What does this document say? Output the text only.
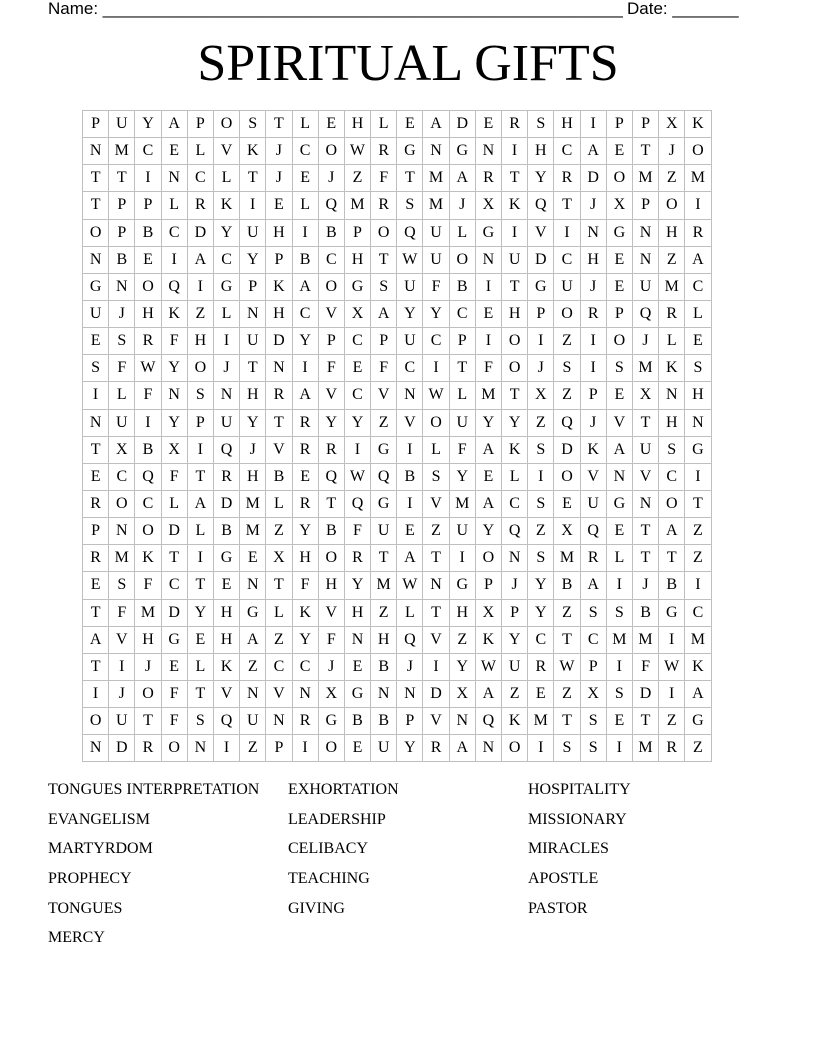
Name: _______________________________________________________ Date: _______
SPIRITUAL GIFTS
P	U	Y	A	P	O	S	T	L	E	H	L	E	A	D	E	R	S	H	I	P	P	X	K
N	M	C	E	L	V	K	J	C	O	W	R	G	N	G	N	I	H	C	A	E	T	J	O
T	T	I	N	C	L	T	J	E	J	Z	F	T	M	A	R	T	Y	R	D	O	M	Z	M
T	P	P	L	R	K	I	E	L	Q	M	R	S	M	J	X	K	Q	T	J	X	P	O	I
O	P	B	C	D	Y	U	H	I	B	P	O	Q	U	L	G	I	V	I	N	G	N	H	R
N	B	E	I	A	C	Y	P	B	C	H	T	W	U	O	N	U	D	C	H	E	N	Z	A
G	N	O	Q	I	G	P	K	A	O	G	S	U	F	B	I	T	G	U	J	E	U	M	C
U	J	H	K	Z	L	N	H	C	V	X	A	Y	Y	C	E	H	P	O	R	P	Q	R	L
E	S	R	F	H	I	U	D	Y	P	C	P	U	C	P	I	O	I	Z	I	O	J	L	E
S	F	W	Y	O	J	T	N	I	F	E	F	C	I	T	F	O	J	S	I	S	M	K	S
I	L	F	N	S	N	H	R	A	V	C	V	N	W	L	M	T	X	Z	P	E	X	N	H
N	U	I	Y	P	U	Y	T	R	Y	Y	Z	V	O	U	Y	Y	Z	Q	J	V	T	H	N
T	X	B	X	I	Q	J	V	R	R	I	G	I	L	F	A	K	S	D	K	A	U	S	G
E	C	Q	F	T	R	H	B	E	Q	W	Q	B	S	Y	E	L	I	O	V	N	V	C	I
R	O	C	L	A	D	M	L	R	T	Q	G	I	V	M	A	C	S	E	U	G	N	O	T
P	N	O	D	L	B	M	Z	Y	B	F	U	E	Z	U	Y	Q	Z	X	Q	E	T	A	Z
R	M	K	T	I	G	E	X	H	O	R	T	A	T	I	O	N	S	M	R	L	T	T	Z
E	S	F	C	T	E	N	T	F	H	Y	M	W	N	G	P	J	Y	B	A	I	J	B	I
T	F	M	D	Y	H	G	L	K	V	H	Z	L	T	H	X	P	Y	Z	S	S	B	G	C
A	V	H	G	E	H	A	Z	Y	F	N	H	Q	V	Z	K	Y	C	T	C	M	M	I	M
T	I	J	E	L	K	Z	C	C	J	E	B	J	I	Y	W	U	R	W	P	I	F	W	K
I	J	O	F	T	V	N	V	N	X	G	N	N	D	X	A	Z	E	Z	X	S	D	I	A
O	U	T	F	S	Q	U	N	R	G	B	B	P	V	N	Q	K	M	T	S	E	T	Z	G
N	D	R	O	N	I	Z	P	I	O	E	U	Y	R	A	N	O	I	S	S	I	M	R	Z
TONGUES INTERPRETATION
EVANGELISM
MARTYRDOM
PROPHECY
TONGUES
MERCY
EXHORTATION
LEADERSHIP
CELIBACY
TEACHING
GIVING
HOSPITALITY
MISSIONARY
MIRACLES
APOSTLE
PASTOR
